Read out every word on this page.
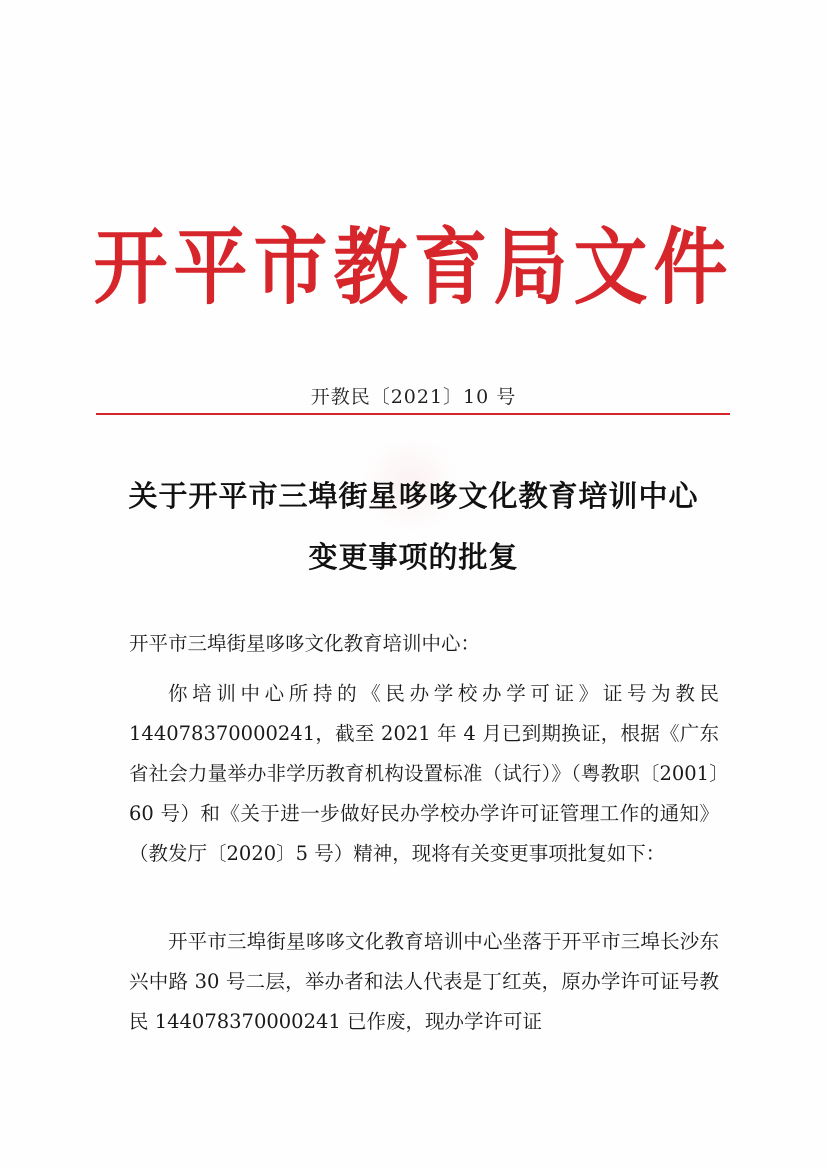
开平市教育局文件
开教民〔2021〕10 号
关于开平市三埠街星哆哆文化教育培训中心
变更事项的批复
开平市三埠街星哆哆文化教育培训中心：
你培训中心所持的《民办学校办学可证》证号为教民144078370000241，截至 2021 年 4 月已到期换证，根据《广东省社会力量举办非学历教育机构设置标准（试行）》（粤教职〔2001〕60 号）和《关于进一步做好民办学校办学许可证管理工作的通知》（教发厅〔2020〕5 号）精神，现将有关变更事项批复如下：
开平市三埠街星哆哆文化教育培训中心坐落于开平市三埠长沙东兴中路 30 号二层，举办者和法人代表是丁红英，原办学许可证号教民 144078370000241 已作废，现办学许可证
